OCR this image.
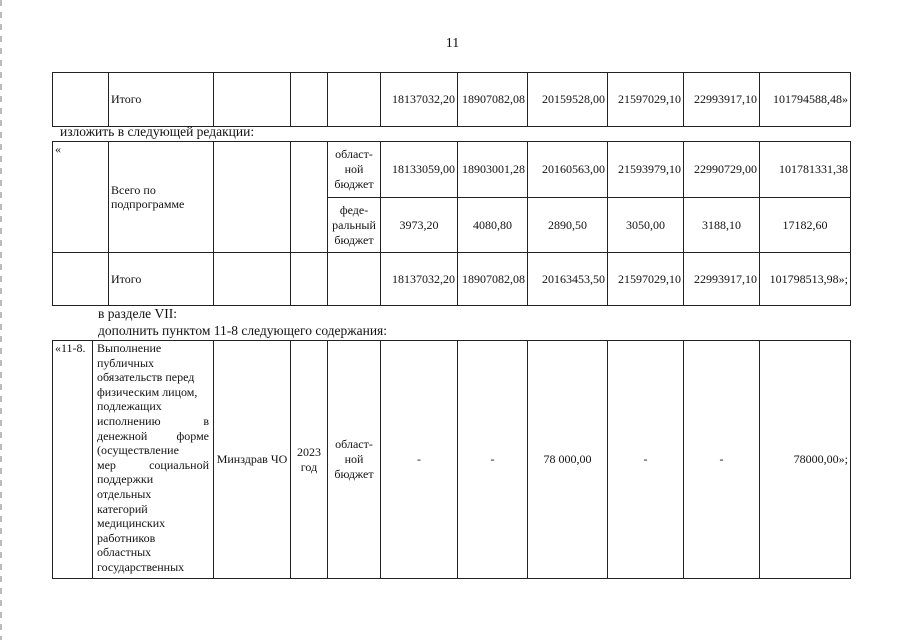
11
	Итого				18137032,20	18907082,08	20159528,00	21597029,10	22993917,10	101794588,48»
изложить в следующей редакции:
«	Всего по подпрограмме			област-ной бюджет	18133059,00	18903001,28	20160563,00	21593979,10	22990729,00	101781331,38
				феде-ральный бюджет	3973,20	4080,80	2890,50	3050,00	3188,10	17182,60
	Итого				18137032,20	18907082,08	20163453,50	21597029,10	22993917,10	101798513,98»;
в разделе VII:
дополнить пунктом 11-8 следующего содержания:
«11-8.	Выполнение
публичных
обязательств перед
физическим лицом,
подлежащих
исполнению в
денежной форме
(осуществление
мер социальной
поддержки
отдельных
категорий
медицинских
работников
областных
государственных
	Минздрав ЧО	2023 год	област-ной бюджет	-	-	78 000,00	-	-	78000,00»;
